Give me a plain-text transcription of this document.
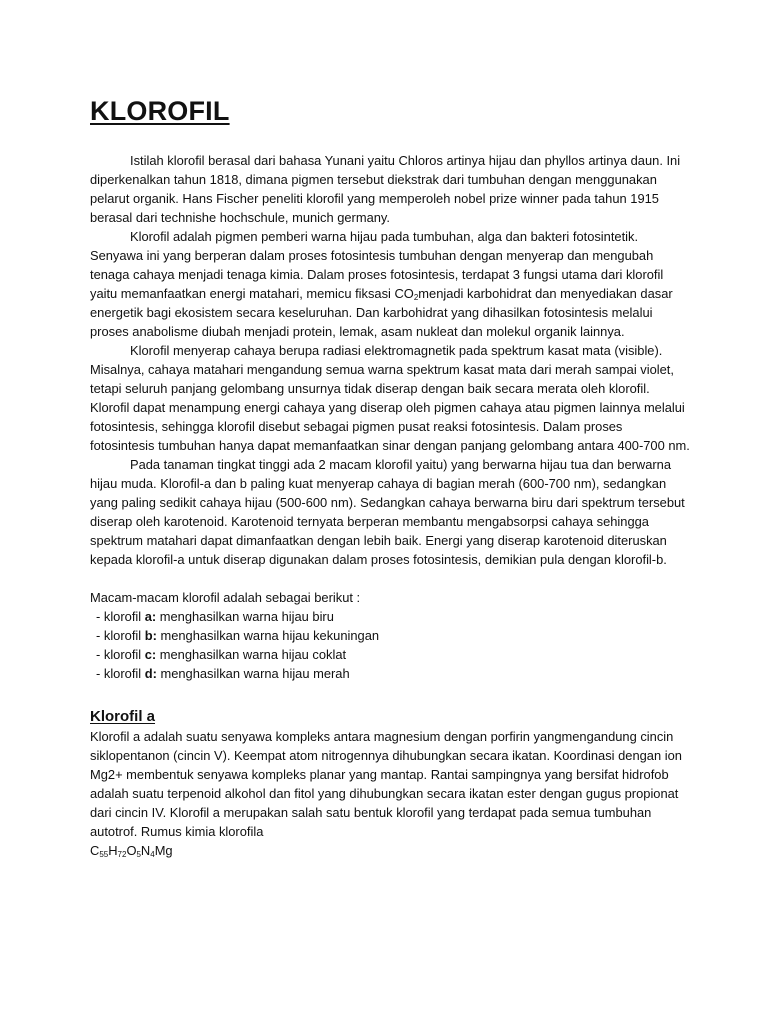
KLOROFIL

Istilah klorofil berasal dari bahasa Yunani yaitu Chloros artinya hijau dan phyllos artinya daun. Ini diperkenalkan tahun 1818, dimana pigmen tersebut diekstrak dari tumbuhan dengan menggunakan pelarut organik. Hans Fischer peneliti klorofil yang memperoleh nobel prize winner pada tahun 1915 berasal dari technishe hochschule, munich germany.

Klorofil adalah pigmen pemberi warna hijau pada tumbuhan, alga dan bakteri fotosintetik. Senyawa ini yang berperan dalam proses fotosintesis tumbuhan dengan menyerap dan mengubah tenaga cahaya menjadi tenaga kimia. Dalam proses fotosintesis, terdapat 3 fungsi utama dari klorofil yaitu memanfaatkan energi matahari, memicu fiksasi $CO_2menjadi$ karbohidrat dan menyediakan dasar energetik bagi ekosistem secara keseluruhan. Dan karbohidrat yang dihasilkan fotosintesis melalui proses anabolisme diubah menjadi protein, lemak, asam nukleat dan molekul organik lainnya.

Klorofil menyerap cahaya berupa radiasi elektromagnetik pada spektrum kasat mata (visible). Misalnya, cahaya matahari mengandung semua warna spektrum kasat mata dari merah sampai violet, tetapi seluruh panjang gelombang unsurnya tidak diserap dengan baik secara merata oleh klorofil. Klorofil dapat menampung energi cahaya yang diserap oleh pigmen cahaya atau pigmen lainnya melalui fotosintesis, sehingga klorofil disebut sebagai pigmen pusat reaksi fotosintesis. Dalam proses fotosintesis tumbuhan hanya dapat memanfaatkan sinar dengan panjang gelombang antara 400-700 nm.

Pada tanaman tingkat tinggi ada 2 macam klorofil yaitu) yang berwarna hijau tua dan berwarna hijau muda. Klorofil-a dan b paling kuat menyerap cahaya di bagian merah (600-700 nm), sedangkan yang paling sedikit cahaya hijau (500-600 nm). Sedangkan cahaya berwarna biru dari spektrum tersebut diserap oleh karotenoid. Karotenoid ternyata berperan membantu mengabsorpsi cahaya sehingga spektrum matahari dapat dimanfaatkan dengan lebih baik. Energi yang diserap karotenoid diteruskan kepada klorofil-a untuk diserap digunakan dalam proses fotosintesis, demikian pula dengan klorofil-b.

Macam-macam klorofil adalah sebagai berikut :

- klorofil a: menghasilkan warna hijau biru
- klorofil b: menghasilkan warna hijau kekuningan
- klorofil c: menghasilkan warna hijau coklat
- klorofil d: menghasilkan warna hijau merah
Klorofil a

Klorofil a adalah suatu senyawa kompleks antara magnesium dengan porfirin yangmengandung cincin siklopentanon (cincin V). Keempat atom nitrogennya dihubungkan secara ikatan. Koordinasi dengan ion Mg2+ membentuk senyawa kompleks planar yang mantap. Rantai sampingnya yang bersifat hidrofob adalah suatu terpenoid alkohol dan fitol yang dihubungkan secara ikatan ester dengan gugus propionat dari cincin IV. Klorofil a merupakan salah satu bentuk klorofil yang terdapat pada semua tumbuhan autotrof. Rumus kimia klorofila
$C_{55}H_{72}O_5N_4Mg$
